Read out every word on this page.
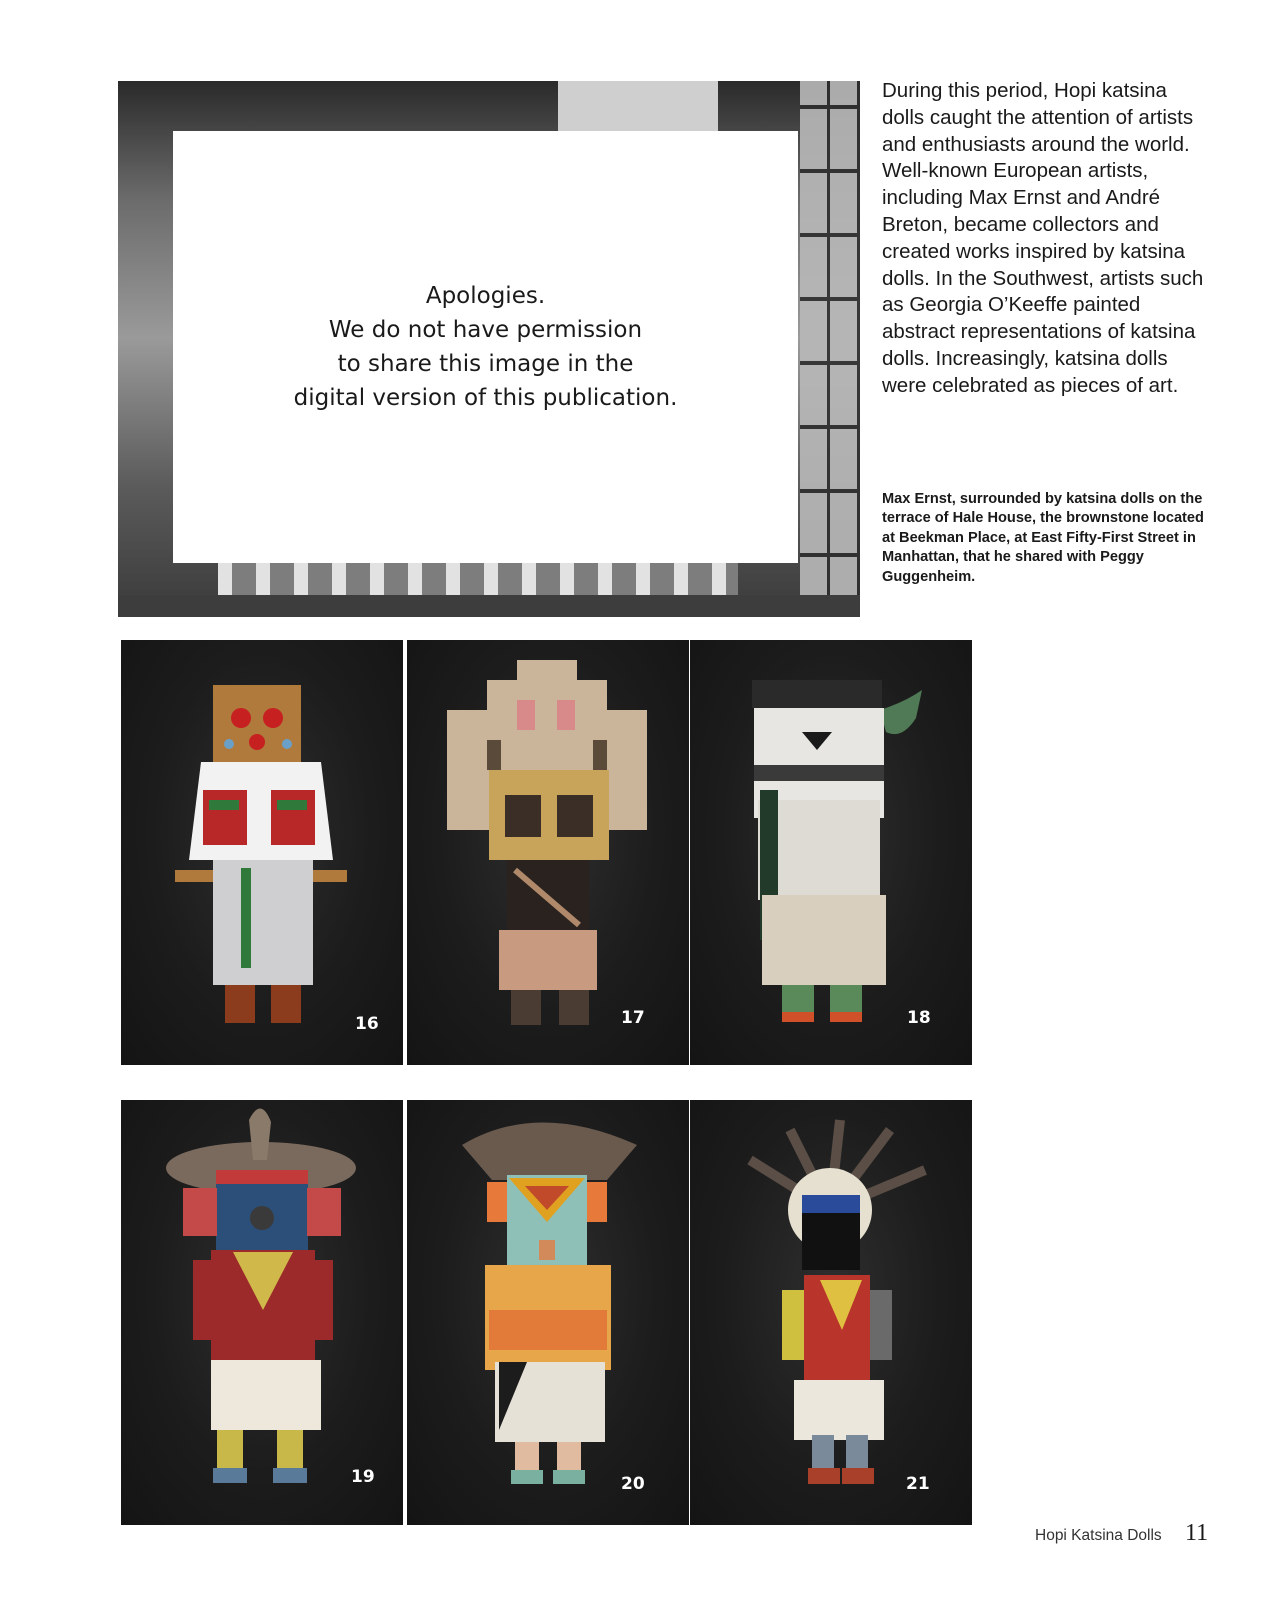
Apologies.
We do not have permission
to share this image in the
digital version of this publication.

During this period, Hopi katsina dolls caught the attention of artists and enthusiasts around the world. Well-known European artists, including Max Ernst and André Breton, became collectors and created works inspired by katsina dolls. In the Southwest, artists such as Georgia O’Keeffe painted abstract representations of katsina dolls. Increasingly, katsina dolls were celebrated as pieces of art.

Max Ernst, surrounded by katsina dolls on the terrace of Hale House, the brownstone located at Beekman Place, at East Fifty-First Street in Manhattan, that he shared with Peggy Guggenheim.

16	17	18
19	20	21
Hopi Katsina Dolls 11
